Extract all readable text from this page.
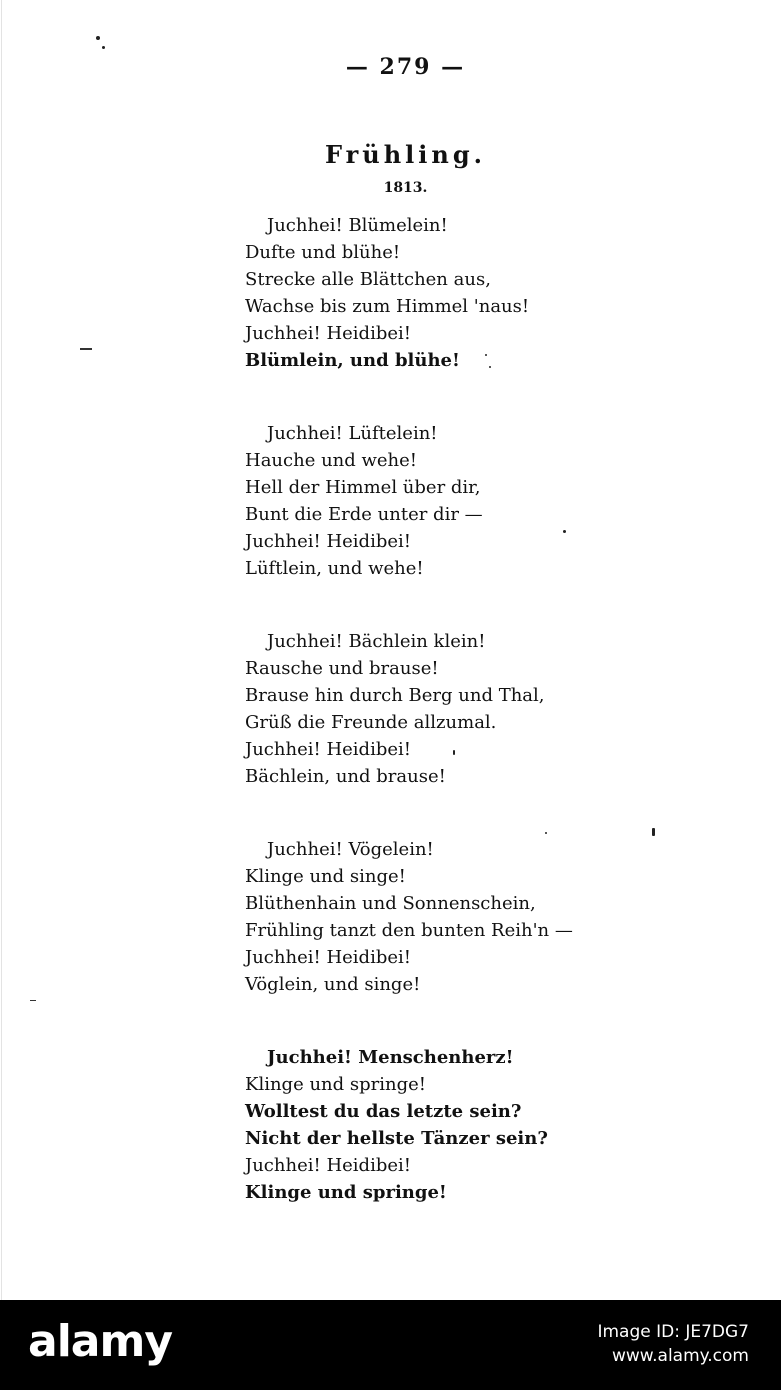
— 279 —
Frühling.
1813.
Juchhei! Blümelein!
Dufte und blühe!
Strecke alle Blättchen aus,
Wachse bis zum Himmel 'naus!
Juchhei! Heidibei!
Blümlein, und blühe!
Juchhei! Lüftelein!
Hauche und wehe!
Hell der Himmel über dir,
Bunt die Erde unter dir —
Juchhei! Heidibei!
Lüftlein, und wehe!
Juchhei! Bächlein klein!
Rausche und brause!
Brause hin durch Berg und Thal,
Grüß die Freunde allzumal.
Juchhei! Heidibei!
Bächlein, und brause!
Juchhei! Vögelein!
Klinge und singe!
Blüthenhain und Sonnenschein,
Frühling tanzt den bunten Reih'n —
Juchhei! Heidibei!
Vöglein, und singe!
Juchhei! Menschenherz!
Klinge und springe!
Wolltest du das letzte sein?
Nicht der hellste Tänzer sein?
Juchhei! Heidibei!
Klinge und springe!
alamy	Image ID: JE7DG7
www.alamy.com
